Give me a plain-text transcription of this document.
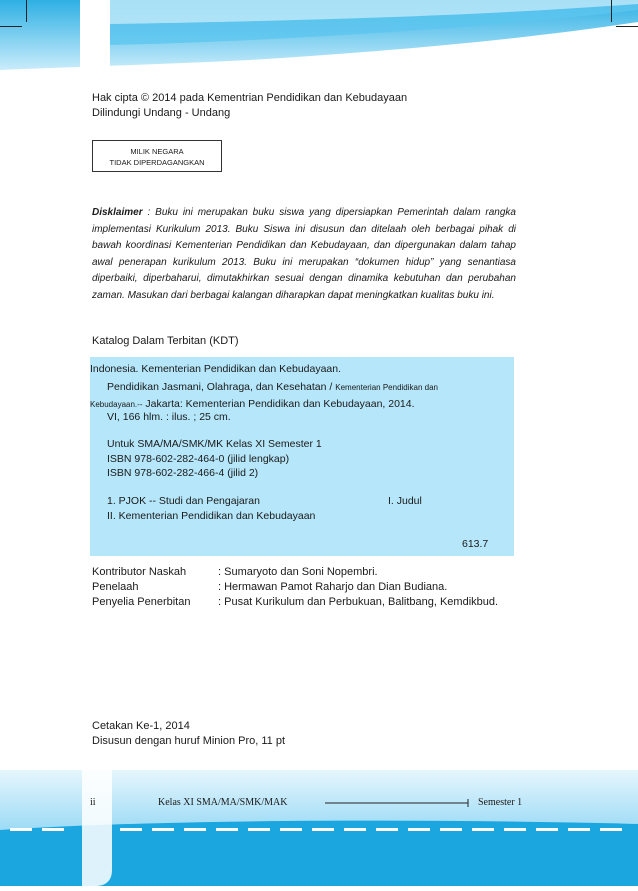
Hak cipta © 2014 pada Kementrian Pendidikan dan Kebudayaan
Dilindungi Undang - Undang
MILIK NEGARA
TIDAK DIPERDAGANGKAN
Disklaimer : Buku ini merupakan buku siswa yang dipersiapkan Pemerintah dalam rangka implementasi Kurikulum 2013. Buku Siswa ini disusun dan ditelaah oleh berbagai pihak di bawah koordinasi Kementerian Pendidikan dan Kebudayaan, dan dipergunakan dalam tahap awal penerapan kurikulum 2013. Buku ini merupakan “dokumen hidup” yang senantiasa diperbaiki, diperbaharui, dimutakhirkan sesuai dengan dinamika kebutuhan dan perubahan zaman. Masukan dari berbagai kalangan diharapkan dapat meningkatkan kualitas buku ini.
Katalog Dalam Terbitan (KDT)
Indonesia. Kementerian Pendidikan dan Kebudayaan.
Pendidikan Jasmani, Olahraga, dan Kesehatan / Kementerian Pendidikan dan
Kebudayaan.-- Jakarta: Kementerian Pendidikan dan Kebudayaan, 2014.
VI, 166 hlm. : ilus. ; 25 cm.
Untuk SMA/MA/SMK/MK Kelas XI Semester 1
ISBN 978-602-282-464-0 (jilid lengkap)
ISBN 978-602-282-466-4 (jilid 2)
1. PJOK -- Studi dan Pengajaran	I. Judul
II. Kementerian Pendidikan dan Kebudayaan
613.7
Kontributor Naskah	: Sumaryoto dan Soni Nopembri.
Penelaah	: Hermawan Pamot Raharjo dan Dian Budiana.
Penyelia Penerbitan	: Pusat Kurikulum dan Perbukuan, Balitbang, Kemdikbud.
Cetakan Ke-1, 2014
Disusun dengan huruf Minion Pro, 11 pt
ii	Kelas XI SMA/MA/SMK/MAK	Semester 1
